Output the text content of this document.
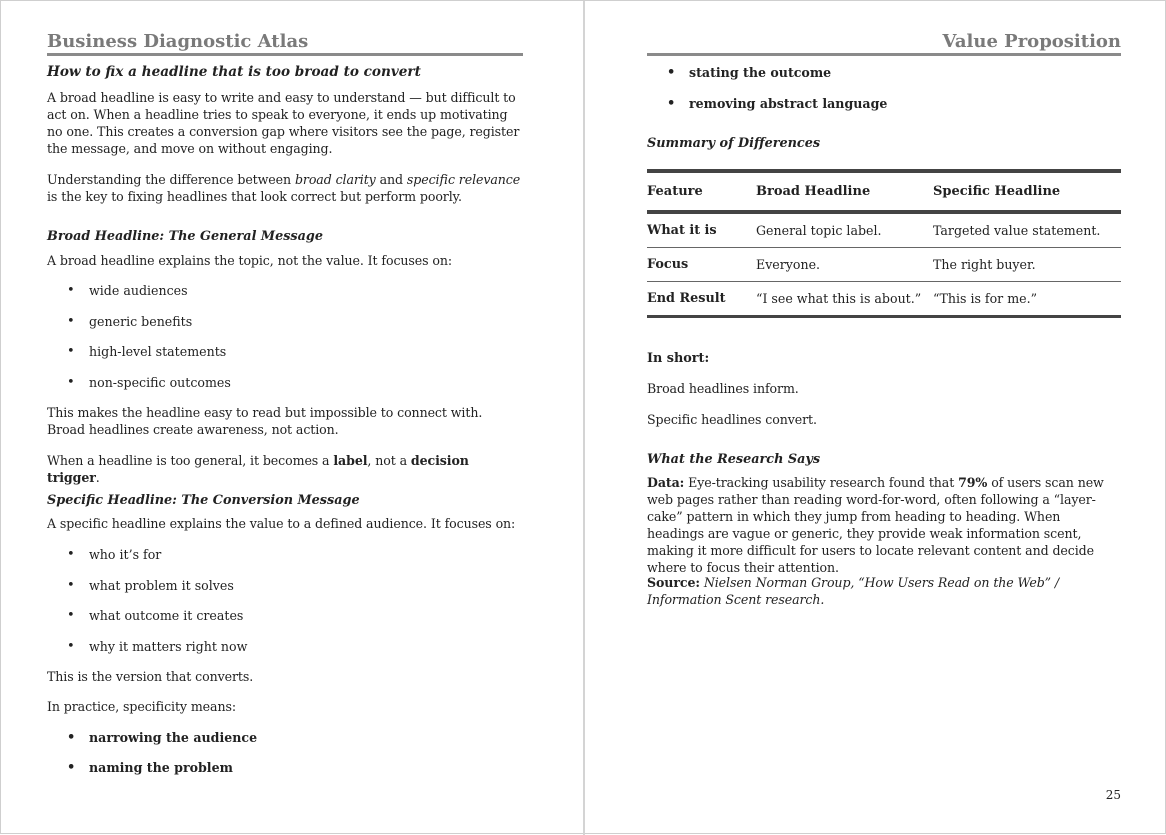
Business Diagnostic Atlas

How to fix a headline that is too broad to convert

A broad headline is easy to write and easy to understand — but difficult to act on. When a headline tries to speak to everyone, it ends up motivating no one. This creates a conversion gap where visitors see the page, register the message, and move on without engaging.

Understanding the difference between broad clarity and specific relevance is the key to fixing headlines that look correct but perform poorly.

Broad Headline: The General Message

A broad headline explains the topic, not the value. It focuses on:

• wide audiences
• generic benefits
• high-level statements
• non-specific outcomes

This makes the headline easy to read but impossible to connect with. Broad headlines create awareness, not action.

When a headline is too general, it becomes a label, not a decision trigger.

Specific Headline: The Conversion Message

A specific headline explains the value to a defined audience. It focuses on:

• who it’s for
• what problem it solves
• what outcome it creates
• why it matters right now

This is the version that converts.

In practice, specificity means:

• narrowing the audience
• naming the problem
Value Proposition
• stating the outcome
• removing abstract language

Summary of Differences

Feature	Broad Headline	Specific Headline
What it is	General topic label.	Targeted value statement.
Focus	Everyone.	The right buyer.
End Result	“I see what this is about.”	“This is for me.”

In short:

Broad headlines inform.

Specific headlines convert.

What the Research Says

Data: Eye-tracking usability research found that 79% of users scan new web pages rather than reading word-for-word, often following a “layer-cake” pattern in which they jump from heading to heading. When headings are vague or generic, they provide weak information scent, making it more difficult for users to locate relevant content and decide where to focus their attention.

Source: Nielsen Norman Group, “How Users Read on the Web” / Information Scent research.

25
